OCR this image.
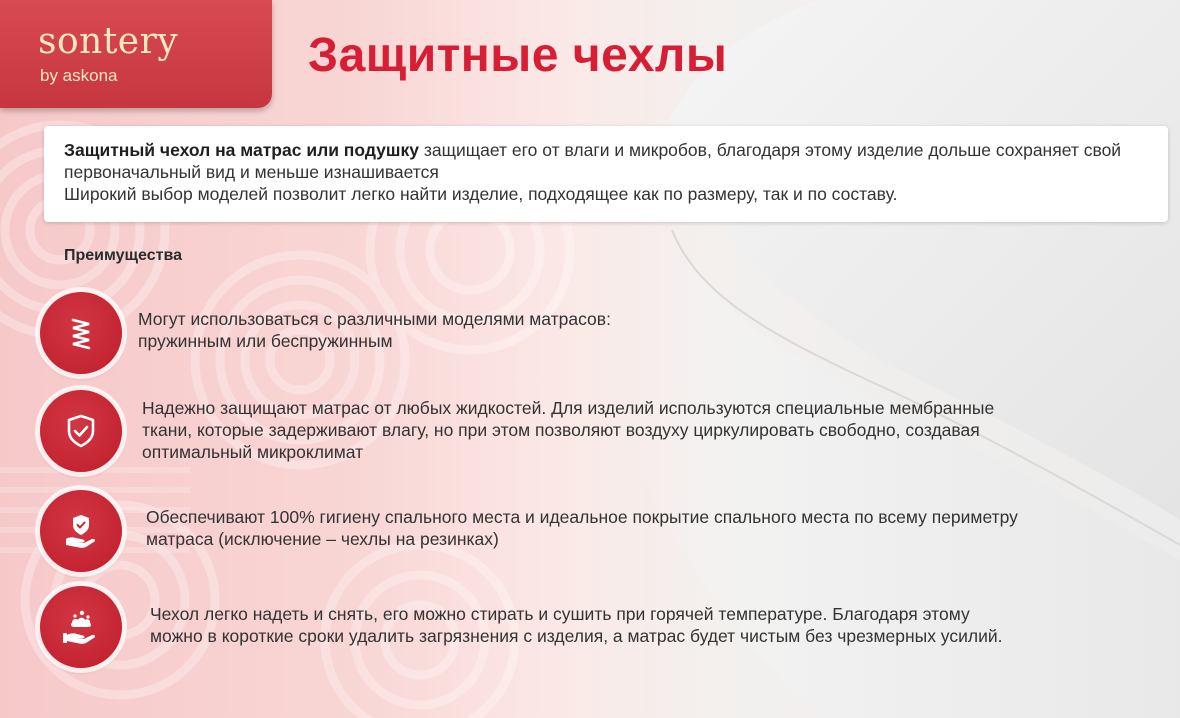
sontery
by askona	Защитные чехлы
Защитный чехол на матрас или подушку защищает его от влаги и микробов, благодаря этому изделие дольше сохраняет свой первоначальный вид и меньше изнашивается
Широкий выбор моделей позволит легко найти изделие, подходящее как по размеру, так и по составу.
Преимущества
Могут использоваться с различными моделями матрасов:
пружинным или беспружинным
Надежно защищают матрас от любых жидкостей. Для изделий используются специальные мембранные
ткани, которые задерживают влагу, но при этом позволяют воздуху циркулировать свободно, создавая
оптимальный микроклимат
Обеспечивают 100% гигиену спального места и идеальное покрытие спального места по всему периметру
матраса (исключение – чехлы на резинках)
Чехол легко надеть и снять, его можно стирать и сушить при горячей температуре. Благодаря этому
можно в короткие сроки удалить загрязнения с изделия, а матрас будет чистым без чрезмерных усилий.
